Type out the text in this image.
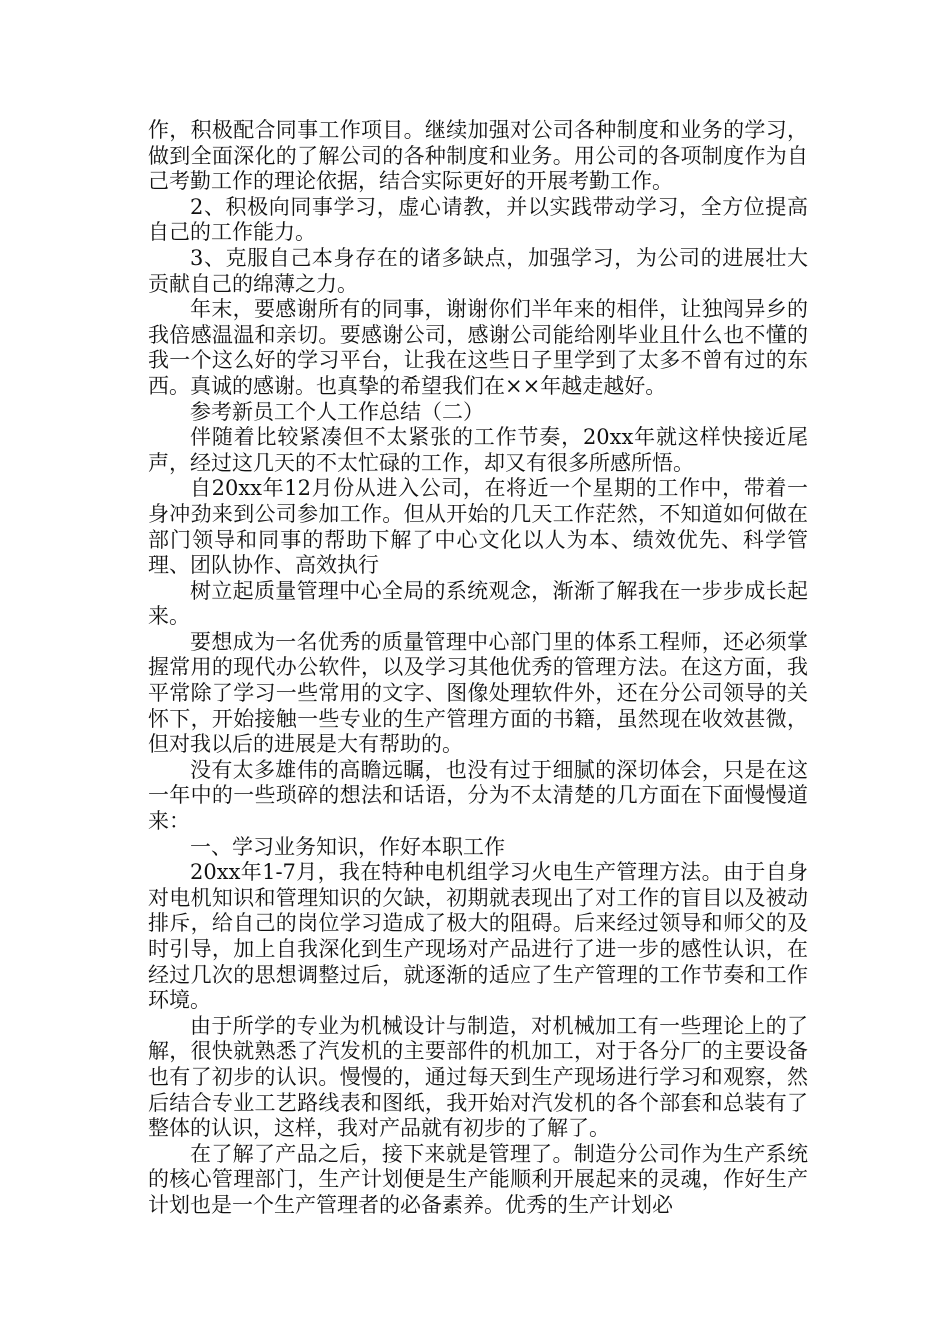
作，积极配合同事工作项目。继续加强对公司各种制度和业务的学习，做到全面深化的了解公司的各种制度和业务。用公司的各项制度作为自己考勤工作的理论依据，结合实际更好的开展考勤工作。

2、积极向同事学习，虚心请教，并以实践带动学习，全方位提高自己的工作能力。

3、克服自己本身存在的诸多缺点，加强学习，为公司的进展壮大贡献自己的绵薄之力。

年末，要感谢所有的同事，谢谢你们半年来的相伴，让独闯异乡的我倍感温温和亲切。要感谢公司，感谢公司能给刚毕业且什么也不懂的我一个这么好的学习平台，让我在这些日子里学到了太多不曾有过的东西。真诚的感谢。也真挚的希望我们在××年越走越好。

参考新员工个人工作总结（二）

伴随着比较紧凑但不太紧张的工作节奏，20xx年就这样快接近尾声，经过这几天的不太忙碌的工作，却又有很多所感所悟。

自20xx年12月份从进入公司，在将近一个星期的工作中，带着一身冲劲来到公司参加工作。但从开始的几天工作茫然，不知道如何做在部门领导和同事的帮助下解了中心文化以人为本、绩效优先、科学管理、团队协作、高效执行

树立起质量管理中心全局的系统观念，渐渐了解我在一步步成长起来。

要想成为一名优秀的质量管理中心部门里的体系工程师，还必须掌握常用的现代办公软件，以及学习其他优秀的管理方法。在这方面，我平常除了学习一些常用的文字、图像处理软件外，还在分公司领导的关怀下，开始接触一些专业的生产管理方面的书籍，虽然现在收效甚微，但对我以后的进展是大有帮助的。

没有太多雄伟的高瞻远瞩，也没有过于细腻的深切体会，只是在这一年中的一些琐碎的想法和话语，分为不太清楚的几方面在下面慢慢道来：

一、学习业务知识，作好本职工作

20xx年1-7月，我在特种电机组学习火电生产管理方法。由于自身对电机知识和管理知识的欠缺，初期就表现出了对工作的盲目以及被动排斥，给自己的岗位学习造成了极大的阻碍。后来经过领导和师父的及时引导，加上自我深化到生产现场对产品进行了进一步的感性认识，在经过几次的思想调整过后，就逐渐的适应了生产管理的工作节奏和工作环境。

由于所学的专业为机械设计与制造，对机械加工有一些理论上的了解，很快就熟悉了汽发机的主要部件的机加工，对于各分厂的主要设备也有了初步的认识。慢慢的，通过每天到生产现场进行学习和观察，然后结合专业工艺路线表和图纸，我开始对汽发机的各个部套和总装有了整体的认识，这样，我对产品就有初步的了解了。

在了解了产品之后，接下来就是管理了。制造分公司作为生产系统的核心管理部门，生产计划便是生产能顺利开展起来的灵魂，作好生产计划也是一个生产管理者的必备素养。优秀的生产计划必
